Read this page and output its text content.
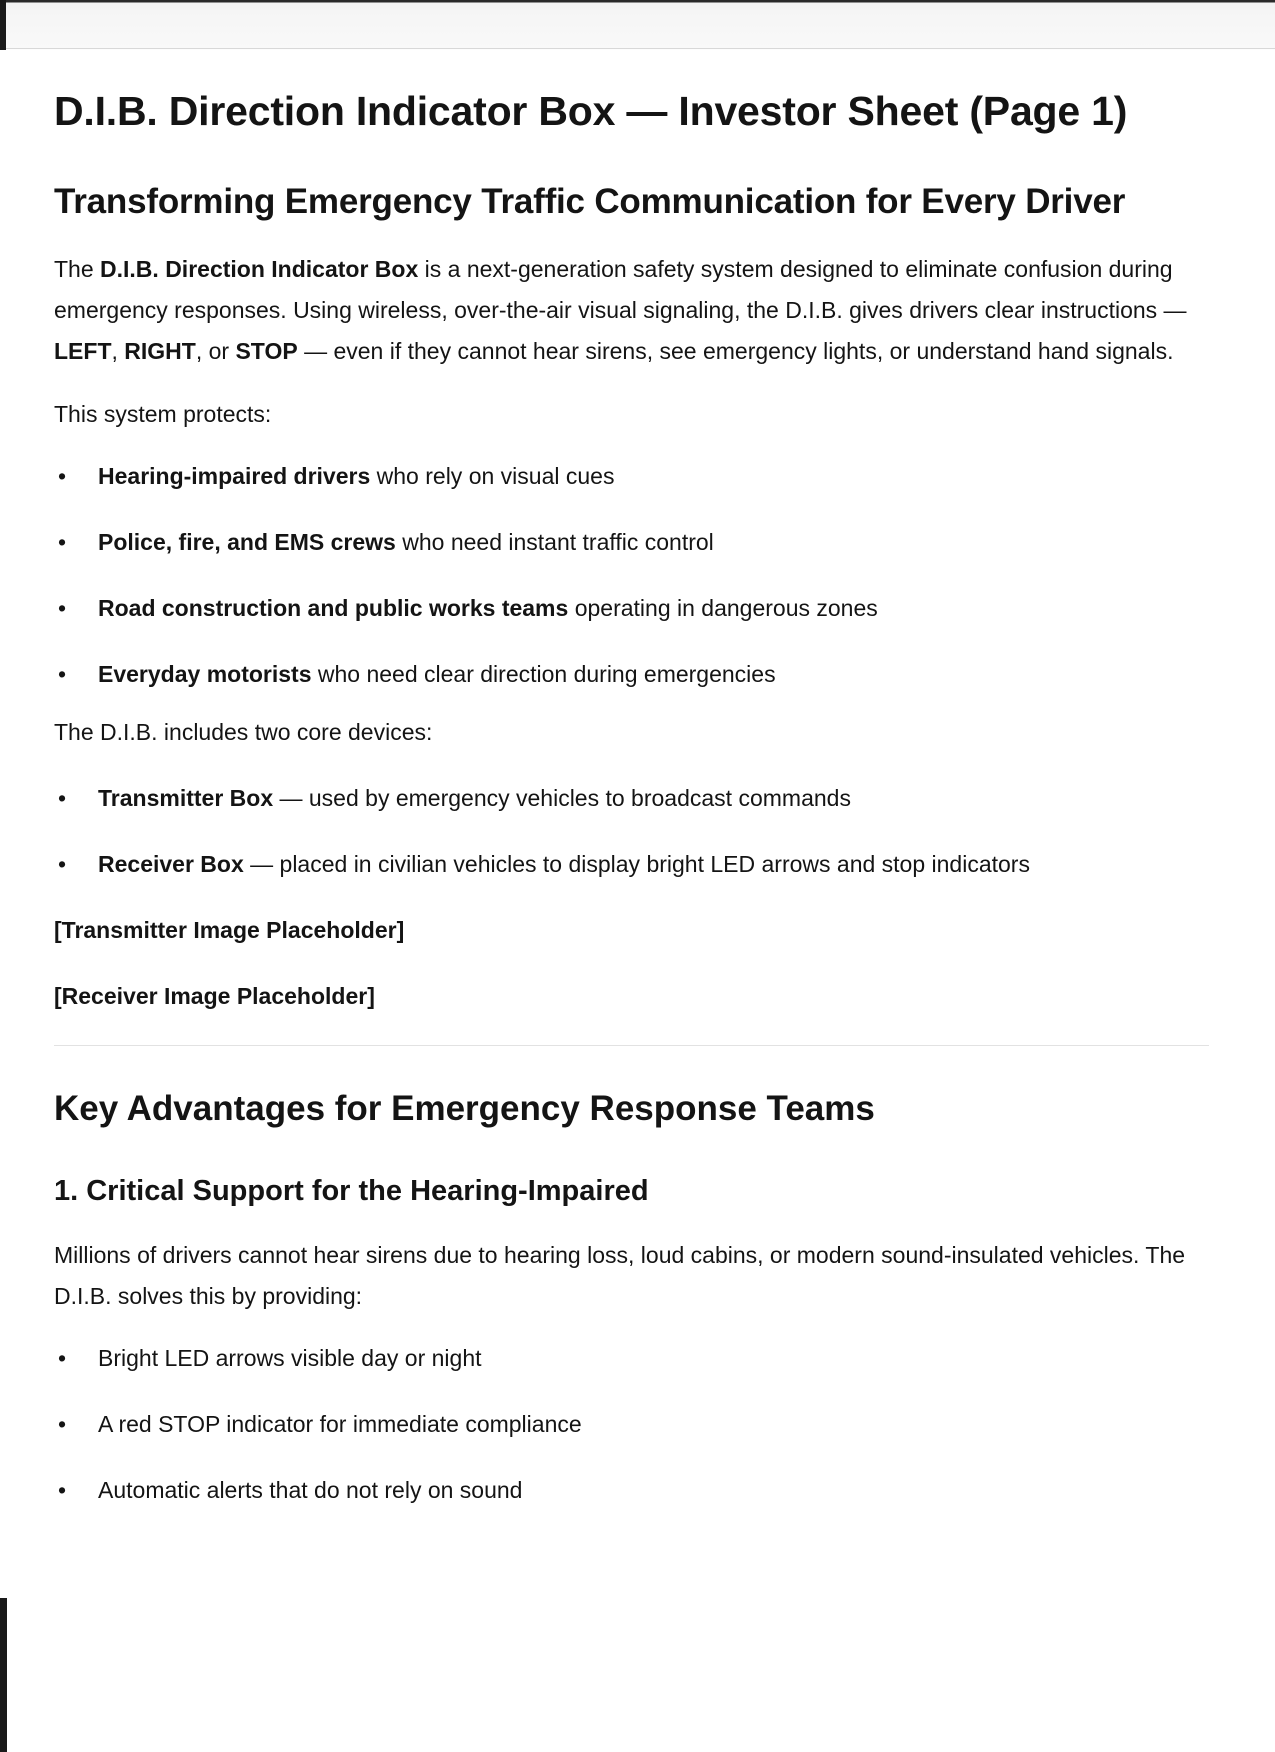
D.I.B. Direction Indicator Box — Investor Sheet (Page 1)
Transforming Emergency Traffic Communication for Every Driver

The D.I.B. Direction Indicator Box is a next-generation safety system designed to eliminate confusion during emergency responses. Using wireless, over-the-air visual signaling, the D.I.B. gives drivers clear instructions — LEFT, RIGHT, or STOP — even if they cannot hear sirens, see emergency lights, or understand hand signals.

This system protects:

• Hearing-impaired drivers who rely on visual cues
• Police, fire, and EMS crews who need instant traffic control
• Road construction and public works teams operating in dangerous zones
• Everyday motorists who need clear direction during emergencies

The D.I.B. includes two core devices:

• Transmitter Box — used by emergency vehicles to broadcast commands
• Receiver Box — placed in civilian vehicles to display bright LED arrows and stop indicators
[Transmitter Image Placeholder]
[Receiver Image Placeholder]
Key Advantages for Emergency Response Teams
1. Critical Support for the Hearing-Impaired

Millions of drivers cannot hear sirens due to hearing loss, loud cabins, or modern sound-insulated vehicles. The D.I.B. solves this by providing:

• Bright LED arrows visible day or night
• A red STOP indicator for immediate compliance
• Automatic alerts that do not rely on sound
